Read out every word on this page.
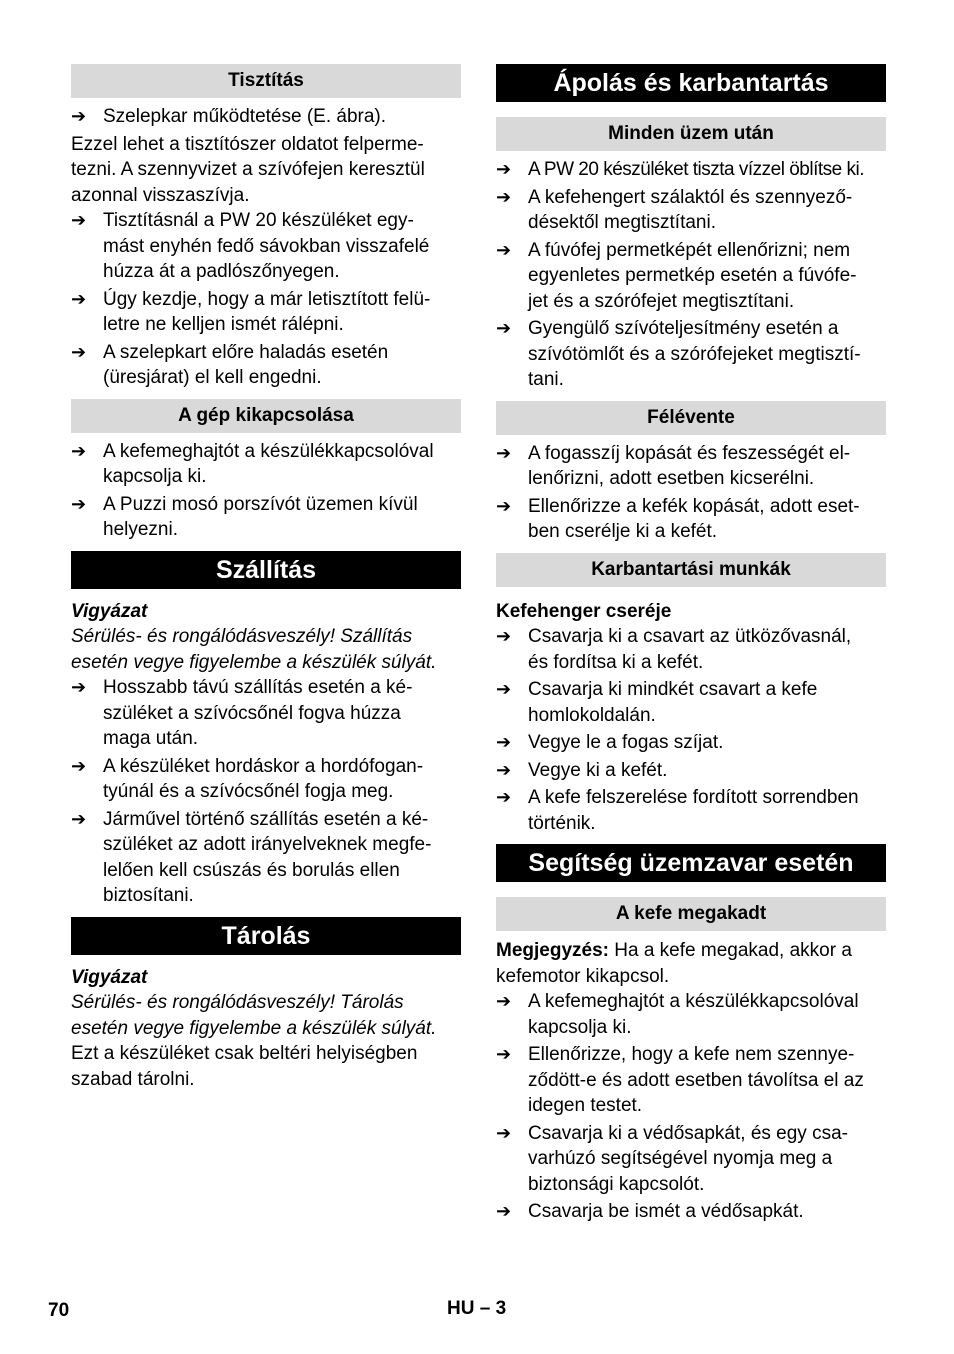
Tisztítás
➔ Szelepkar működtetése (E. ábra).
Ezzel lehet a tisztítószer oldatot felperme-
tezni. A szennyvizet a szívófejen keresztül
azonnal visszaszívja.
➔ Tisztításnál a PW 20 készüléket egy-
mást enyhén fedő sávokban visszafelé
húzza át a padlószőnyegen.
➔ Úgy kezdje, hogy a már letisztított felü-
letre ne kelljen ismét rálépni.
➔ A szelepkart előre haladás esetén
(üresjárat) el kell engedni.
A gép kikapcsolása
➔ A kefemeghajtót a készülékkapcsolóval
kapcsolja ki.
➔ A Puzzi mosó porszívót üzemen kívül
helyezni.
Szállítás
Vigyázat
Sérülés- és rongálódásveszély! Szállítás
esetén vegye figyelembe a készülék súlyát.
➔ Hosszabb távú szállítás esetén a ké-
szüléket a szívócsőnél fogva húzza
maga után.
➔ A készüléket hordáskor a hordófogan-
tyúnál és a szívócsőnél fogja meg.
➔ Járművel történő szállítás esetén a ké-
szüléket az adott irányelveknek megfe-
lelően kell csúszás és borulás ellen
biztosítani.
Tárolás
Vigyázat
Sérülés- és rongálódásveszély! Tárolás
esetén vegye figyelembe a készülék súlyát.
Ezt a készüléket csak beltéri helyiségben
szabad tárolni.
Ápolás és karbantartás
Minden üzem után
➔ A PW 20 készüléket tiszta vízzel öblítse ki.
➔ A kefehengert szálaktól és szennyező-
désektől megtisztítani.
➔ A fúvófej permetképét ellenőrizni; nem
egyenletes permetkép esetén a fúvófe-
jet és a szórófejet megtisztítani.
➔ Gyengülő szívóteljesítmény esetén a
szívótömlőt és a szórófejeket megtisztí-
tani.
Félévente
➔ A fogasszíj kopását és feszességét el-
lenőrizni, adott esetben kicserélni.
➔ Ellenőrizze a kefék kopását, adott eset-
ben cserélje ki a kefét.
Karbantartási munkák
Kefehenger cseréje
➔ Csavarja ki a csavart az ütközővasnál,
és fordítsa ki a kefét.
➔ Csavarja ki mindkét csavart a kefe
homlokoldalán.
➔ Vegye le a fogas szíjat.
➔ Vegye ki a kefét.
➔ A kefe felszerelése fordított sorrendben
történik.
Segítség üzemzavar esetén
A kefe megakadt
Megjegyzés: Ha a kefe megakad, akkor a
kefemotor kikapcsol.
➔ A kefemeghajtót a készülékkapcsolóval
kapcsolja ki.
➔ Ellenőrizze, hogy a kefe nem szennye-
ződött-e és adott esetben távolítsa el az
idegen testet.
➔ Csavarja ki a védősapkát, és egy csa-
varhúzó segítségével nyomja meg a
biztonsági kapcsolót.
➔ Csavarja be ismét a védősapkát.
70	HU – 3
